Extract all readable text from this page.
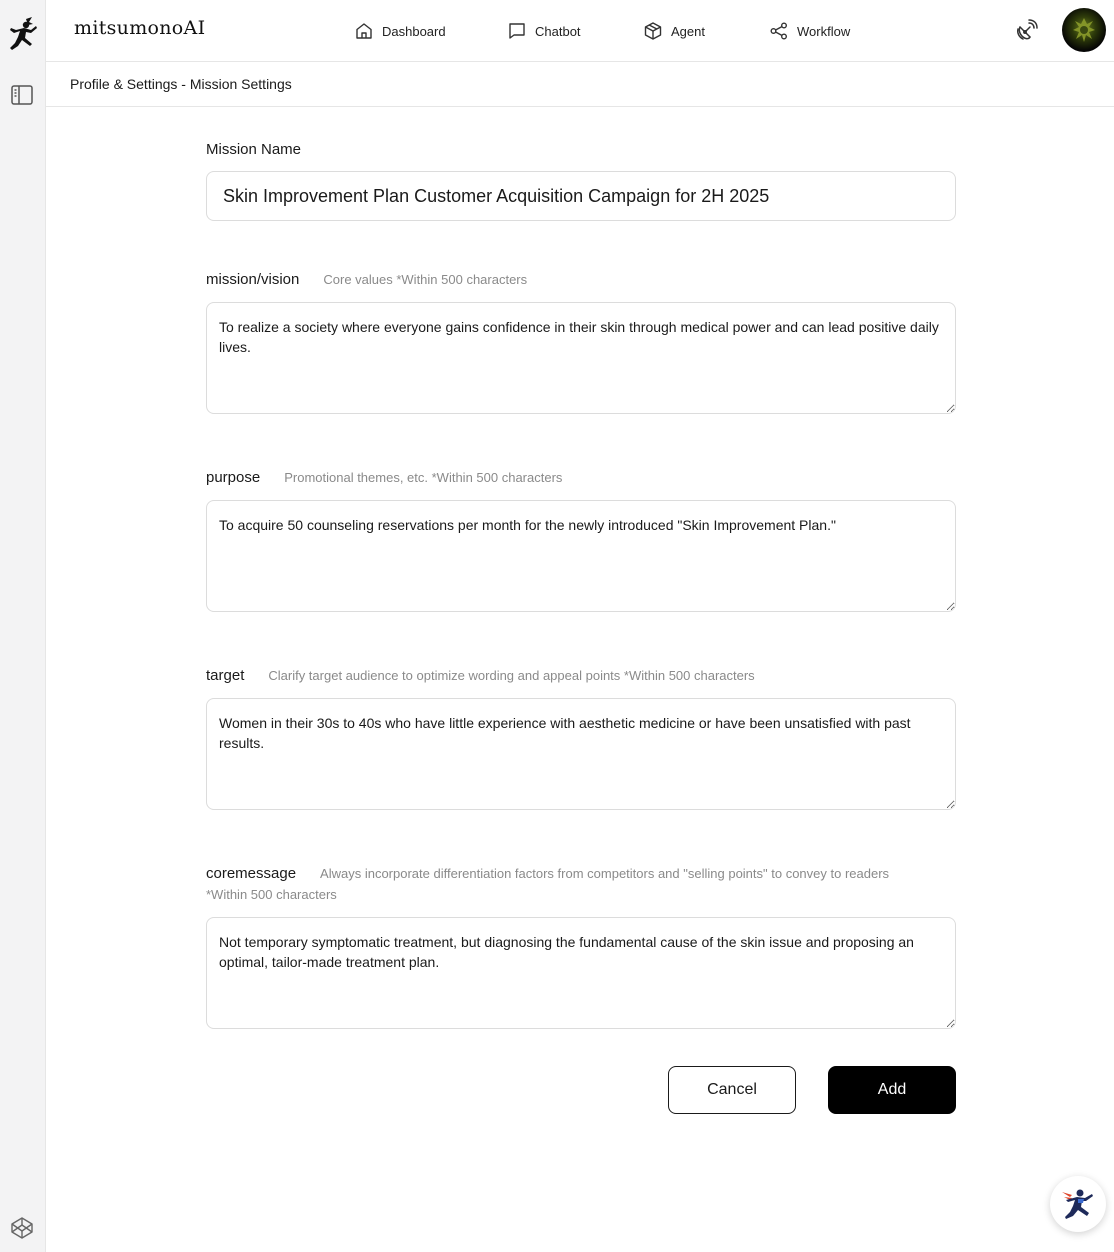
mitsumonoAI	Dashboard	Chatbot	Agent	Workflow
Profile & Settings - Mission Settings
Mission Name
Skin Improvement Plan Customer Acquisition Campaign for 2H 2025
mission/vision Core values *Within 500 characters
To realize a society where everyone gains confidence in their skin through medical power and can lead positive daily lives.
purpose Promotional themes, etc. *Within 500 characters
To acquire 50 counseling reservations per month for the newly introduced "Skin Improvement Plan."
target Clarify target audience to optimize wording and appeal points *Within 500 characters
Women in their 30s to 40s who have little experience with aesthetic medicine or have been unsatisfied with past results.
coremessage Always incorporate differentiation factors from competitors and "selling points" to convey to readers
*Within 500 characters
Not temporary symptomatic treatment, but diagnosing the fundamental cause of the skin issue and proposing an optimal, tailor-made treatment plan.
Cancel	Add
